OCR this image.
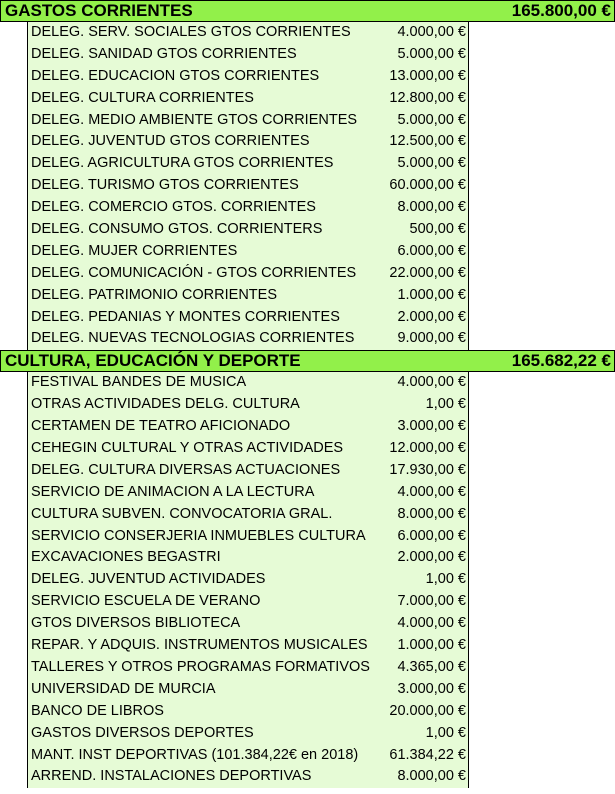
GASTOS CORRIENTES	165.800,00 €
DELEG. SERV. SOCIALES GTOS CORRIENTES	4.000,00 €
DELEG. SANIDAD GTOS CORRIENTES	5.000,00 €
DELEG. EDUCACION GTOS CORRIENTES	13.000,00 €
DELEG. CULTURA CORRIENTES	12.800,00 €
DELEG. MEDIO AMBIENTE GTOS CORRIENTES	5.000,00 €
DELEG. JUVENTUD GTOS CORRIENTES	12.500,00 €
DELEG. AGRICULTURA GTOS CORRIENTES	5.000,00 €
DELEG. TURISMO GTOS CORRIENTES	60.000,00 €
DELEG. COMERCIO GTOS. CORRIENTES	8.000,00 €
DELEG. CONSUMO GTOS. CORRIENTERS	500,00 €
DELEG. MUJER CORRIENTES	6.000,00 €
DELEG. COMUNICACIÓN - GTOS CORRIENTES 22.000,00 €
DELEG. PATRIMONIO CORRIENTES	1.000,00 €
DELEG. PEDANIAS Y MONTES CORRIENTES	2.000,00 €
DELEG. NUEVAS TECNOLOGIAS CORRIENTES	9.000,00 €
CULTURA, EDUCACIÓN Y DEPORTE	165.682,22 €
FESTIVAL BANDES DE MUSICA	4.000,00 €
OTRAS ACTIVIDADES DELG. CULTURA	1,00 €
CERTAMEN DE TEATRO AFICIONADO	3.000,00 €
CEHEGIN CULTURAL Y OTRAS ACTIVIDADES	12.000,00 €
DELEG. CULTURA DIVERSAS ACTUACIONES	17.930,00 €
SERVICIO DE ANIMACION A LA LECTURA	4.000,00 €
CULTURA SUBVEN. CONVOCATORIA GRAL.	8.000,00 €
SERVICIO CONSERJERIA INMUEBLES CULTURA 6.000,00 €
EXCAVACIONES BEGASTRI	2.000,00 €
DELEG. JUVENTUD ACTIVIDADES	1,00 €
SERVICIO ESCUELA DE VERANO	7.000,00 €
GTOS DIVERSOS BIBLIOTECA	4.000,00 €
REPAR. Y ADQUIS. INSTRUMENTOS MUSICALES 1.000,00 €
TALLERES Y OTROS PROGRAMAS FORMATIVOS 4.365,00 €
UNIVERSIDAD DE MURCIA	3.000,00 €
BANCO DE LIBROS	20.000,00 €
GASTOS DIVERSOS DEPORTES	1,00 €
MANT. INST DEPORTIVAS (101.384,22€ en 2018) 61.384,22 €
ARREND. INSTALACIONES DEPORTIVAS	8.000,00 €
